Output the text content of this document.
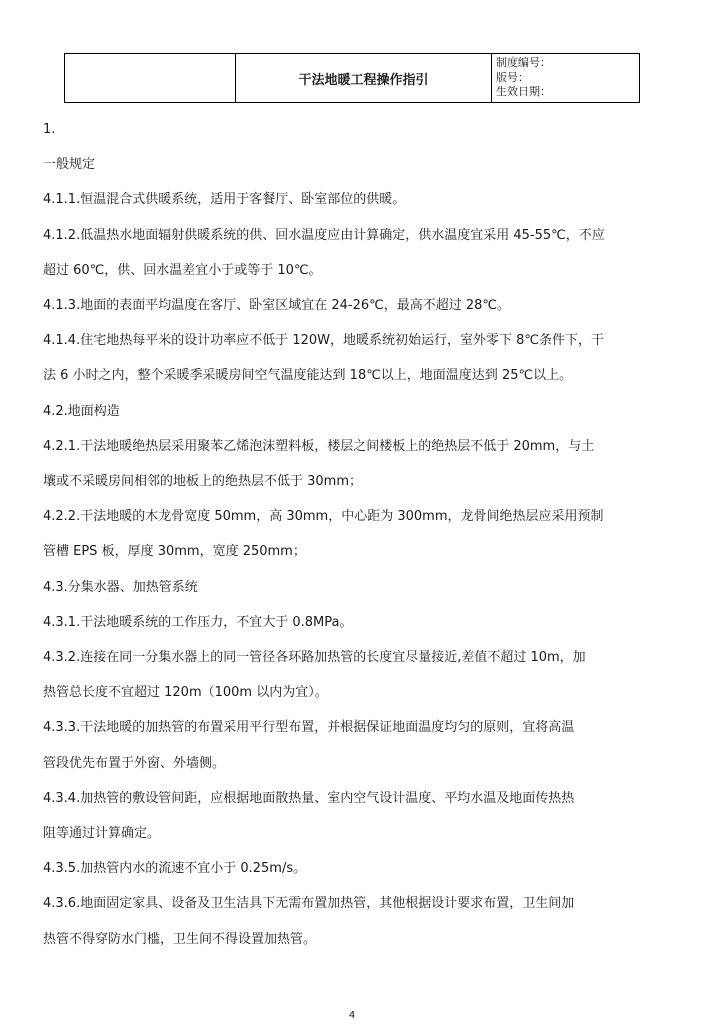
	干法地暖工程操作指引	
制度编号：
版号：
生效日期：

1.

一般规定

4.1.1.恒温混合式供暖系统，适用于客餐厅、卧室部位的供暖。

4.1.2.低温热水地面辐射供暖系统的供、回水温度应由计算确定，供水温度宜采用 45-55℃，不应

超过 60℃，供、回水温差宜小于或等于 10℃。

4.1.3.地面的表面平均温度在客厅、卧室区域宜在 24-26℃，最高不超过 28℃。

4.1.4.住宅地热每平米的设计功率应不低于 120W，地暖系统初始运行，室外零下 8℃条件下，干

法 6 小时之内，整个采暖季采暖房间空气温度能达到 18℃以上，地面温度达到 25℃以上。

4.2.地面构造

4.2.1.干法地暖绝热层采用聚苯乙烯泡沫塑料板，楼层之间楼板上的绝热层不低于 20mm，与土

壤或不采暖房间相邻的地板上的绝热层不低于 30mm；

4.2.2.干法地暖的木龙骨宽度 50mm，高 30mm，中心距为 300mm，龙骨间绝热层应采用预制

管槽 EPS 板，厚度 30mm，宽度 250mm；

4.3.分集水器、加热管系统

4.3.1.干法地暖系统的工作压力，不宜大于 0.8MPa。

4.3.2.连接在同一分集水器上的同一管径各环路加热管的长度宜尽量接近,差值不超过 10m，加

热管总长度不宜超过 120m（100m 以内为宜）。

4.3.3.干法地暖的加热管的布置采用平行型布置，并根据保证地面温度均匀的原则，宜将高温

管段优先布置于外窗、外墙侧。

4.3.4.加热管的敷设管间距，应根据地面散热量、室内空气设计温度、平均水温及地面传热热

阻等通过计算确定。

4.3.5.加热管内水的流速不宜小于 0.25m/s。

4.3.6.地面固定家具、设备及卫生洁具下无需布置加热管，其他根据设计要求布置，卫生间加

热管不得穿防水门槛，卫生间不得设置加热管。

4
